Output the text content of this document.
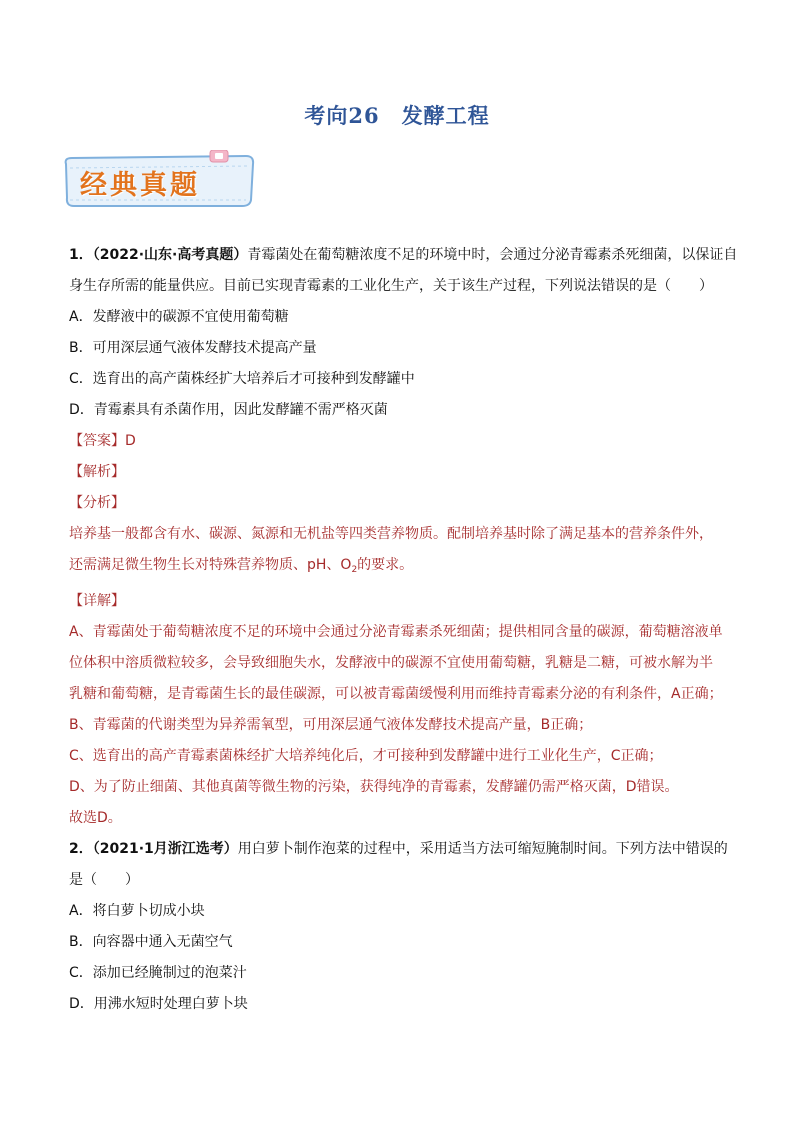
考向26 发酵工程
经典真题
1．（2022·山东·高考真题）青霉菌处在葡萄糖浓度不足的环境中时，会通过分泌青霉素杀死细菌，以保证自
身生存所需的能量供应。目前已实现青霉素的工业化生产，关于该生产过程，下列说法错误的是（　　）
A．发酵液中的碳源不宜使用葡萄糖
B．可用深层通气液体发酵技术提高产量
C．选育出的高产菌株经扩大培养后才可接种到发酵罐中
D．青霉素具有杀菌作用，因此发酵罐不需严格灭菌
【答案】D
【解析】
【分析】
培养基一般都含有水、碳源、氮源和无机盐等四类营养物质。配制培养基时除了满足基本的营养条件外，
还需满足微生物生长对特殊营养物质、pH、$O_2$的要求。
【详解】
A、青霉菌处于葡萄糖浓度不足的环境中会通过分泌青霉素杀死细菌；提供相同含量的碳源，葡萄糖溶液单
位体积中溶质微粒较多，会导致细胞失水，发酵液中的碳源不宜使用葡萄糖，乳糖是二糖，可被水解为半
乳糖和葡萄糖，是青霉菌生长的最佳碳源，可以被青霉菌缓慢利用而维持青霉素分泌的有利条件，A正确；
B、青霉菌的代谢类型为异养需氧型，可用深层通气液体发酵技术提高产量，B正确；
C、选育出的高产青霉素菌株经扩大培养纯化后，才可接种到发酵罐中进行工业化生产，C正确；
D、为了防止细菌、其他真菌等微生物的污染，获得纯净的青霉素，发酵罐仍需严格灭菌，D错误。
故选D。
2．（2021·1月浙江选考）用白萝卜制作泡菜的过程中，采用适当方法可缩短腌制时间。下列方法中错误的
是（　　）
A．将白萝卜切成小块
B．向容器中通入无菌空气
C．添加已经腌制过的泡菜汁
D．用沸水短时处理白萝卜块
